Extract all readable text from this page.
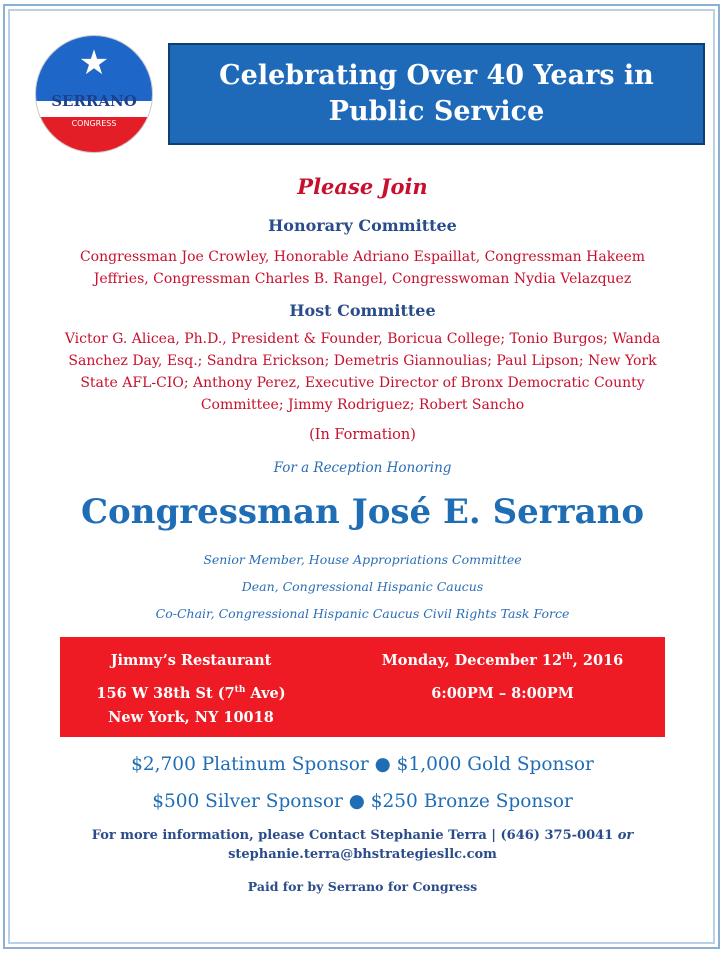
★
SERRANO
CONGRESS
Celebrating Over 40 Years in
Public Service
Please Join
Honorary Committee
Congressman Joe Crowley, Honorable Adriano Espaillat, Congressman Hakeem
Jeffries, Congressman Charles B. Rangel, Congresswoman Nydia Velazquez
Host Committee
Victor G. Alicea, Ph.D., President & Founder, Boricua College; Tonio Burgos; Wanda
Sanchez Day, Esq.; Sandra Erickson; Demetris Giannoulias; Paul Lipson; New York
State AFL-CIO; Anthony Perez, Executive Director of Bronx Democratic County
Committee; Jimmy Rodriguez; Robert Sancho
(In Formation)
For a Reception Honoring
Congressman José E. Serrano
Senior Member, House Appropriations Committee
Dean, Congressional Hispanic Caucus
Co-Chair, Congressional Hispanic Caucus Civil Rights Task Force
Jimmy’s Restaurant
156 W 38th St (7th Ave)
New York, NY 10018
Monday, December 12th, 2016
6:00PM – 8:00PM
$2,700 Platinum Sponsor ● $1,000 Gold Sponsor
$500 Silver Sponsor ● $250 Bronze Sponsor
For more information, please Contact Stephanie Terra | (646) 375-0041 or
stephanie.terra@bhstrategiesllc.com
Paid for by Serrano for Congress
